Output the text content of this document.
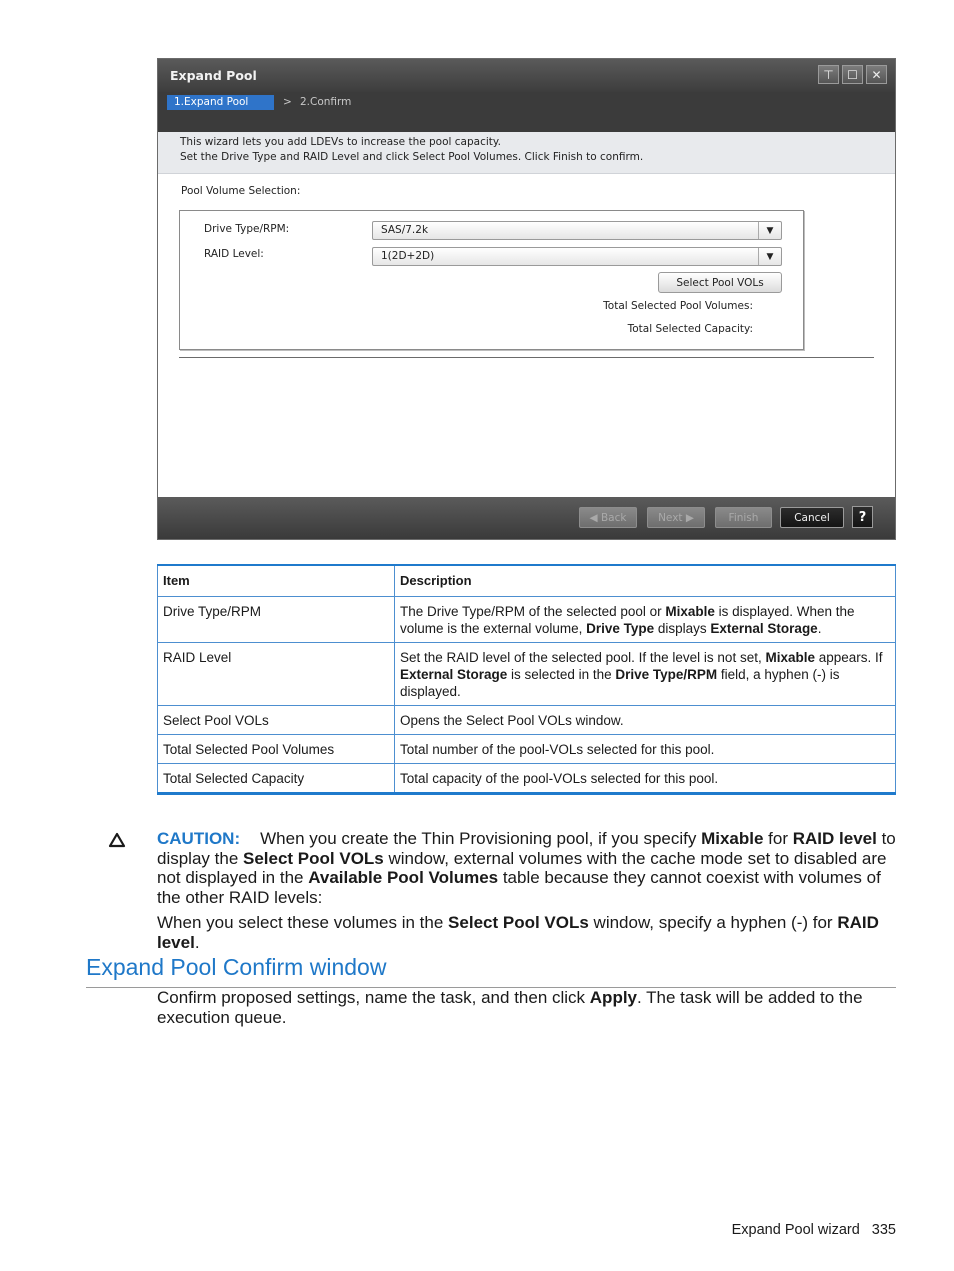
Expand Pool	⊤	☐	✕
1.Expand Pool	> 2.Confirm
This wizard lets you add LDEVs to increase the pool capacity.
Set the Drive Type and RAID Level and click Select Pool Volumes. Click Finish to confirm.
Pool Volume Selection:
Drive Type/RPM:	SAS/7.2k	▼
RAID Level:	1(2D+2D)	▼
Select Pool VOLs
Total Selected Pool Volumes:
Total Selected Capacity:
◀ Back	Next ▶	Finish	Cancel	?
Item	Description
Drive Type/RPM	The Drive Type/RPM of the selected pool or Mixable is displayed. When the volume is the external volume, Drive Type displays External Storage.
RAID Level	Set the RAID level of the selected pool. If the level is not set, Mixable appears. If External Storage is selected in the Drive Type/RPM field, a hyphen (-) is displayed.
Select Pool VOLs	Opens the Select Pool VOLs window.
Total Selected Pool Volumes	Total number of the pool-VOLs selected for this pool.
Total Selected Capacity	Total capacity of the pool-VOLs selected for this pool.
CAUTION: When you create the Thin Provisioning pool, if you specify Mixable for RAID level to display the Select Pool VOLs window, external volumes with the cache mode set to disabled are not displayed in the Available Pool Volumes table because they cannot coexist with volumes of the other RAID levels:
When you select these volumes in the Select Pool VOLs window, specify a hyphen (-) for RAID level.
Expand Pool Confirm window
Confirm proposed settings, name the task, and then click Apply. The task will be added to the execution queue.
Expand Pool wizard 335
